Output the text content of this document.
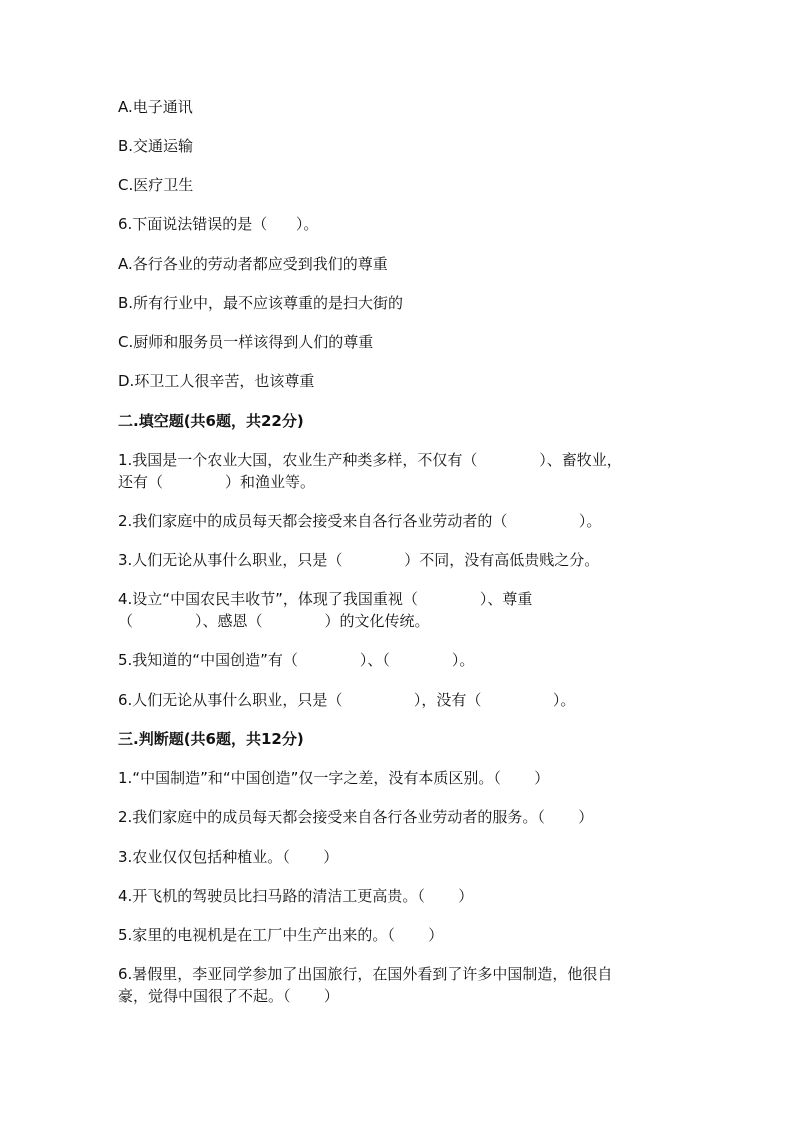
A.电子通讯
B.交通运输
C.医疗卫生
6.下面说法错误的是（      ）。
A.各行各业的劳动者都应受到我们的尊重
B.所有行业中，最不应该尊重的是扫大街的
C.厨师和服务员一样该得到人们的尊重
D.环卫工人很辛苦，也该尊重
二.填空题(共6题，共22分)
1.我国是一个农业大国，农业生产种类多样，不仅有（             ）、畜牧业，
还有（             ）和渔业等。
2.我们家庭中的成员每天都会接受来自各行各业劳动者的（               ）。
3.人们无论从事什么职业，只是（             ）不同，没有高低贵贱之分。
4.设立“中国农民丰收节”，体现了我国重视（             ）、尊重
（             ）、感恩（             ）的文化传统。
5.我知道的“中国创造”有（             ）、（             ）。
6.人们无论从事什么职业，只是（               ），没有（               ）。
三.判断题(共6题，共12分)
1.“中国制造”和“中国创造”仅一字之差，没有本质区别。（       ）
2.我们家庭中的成员每天都会接受来自各行各业劳动者的服务。（       ）
3.农业仅仅包括种植业。（       ）
4.开飞机的驾驶员比扫马路的清洁工更高贵。（       ）
5.家里的电视机是在工厂中生产出来的。（       ）
6.暑假里，李亚同学参加了出国旅行，在国外看到了许多中国制造，他很自
豪，觉得中国很了不起。（       ）
